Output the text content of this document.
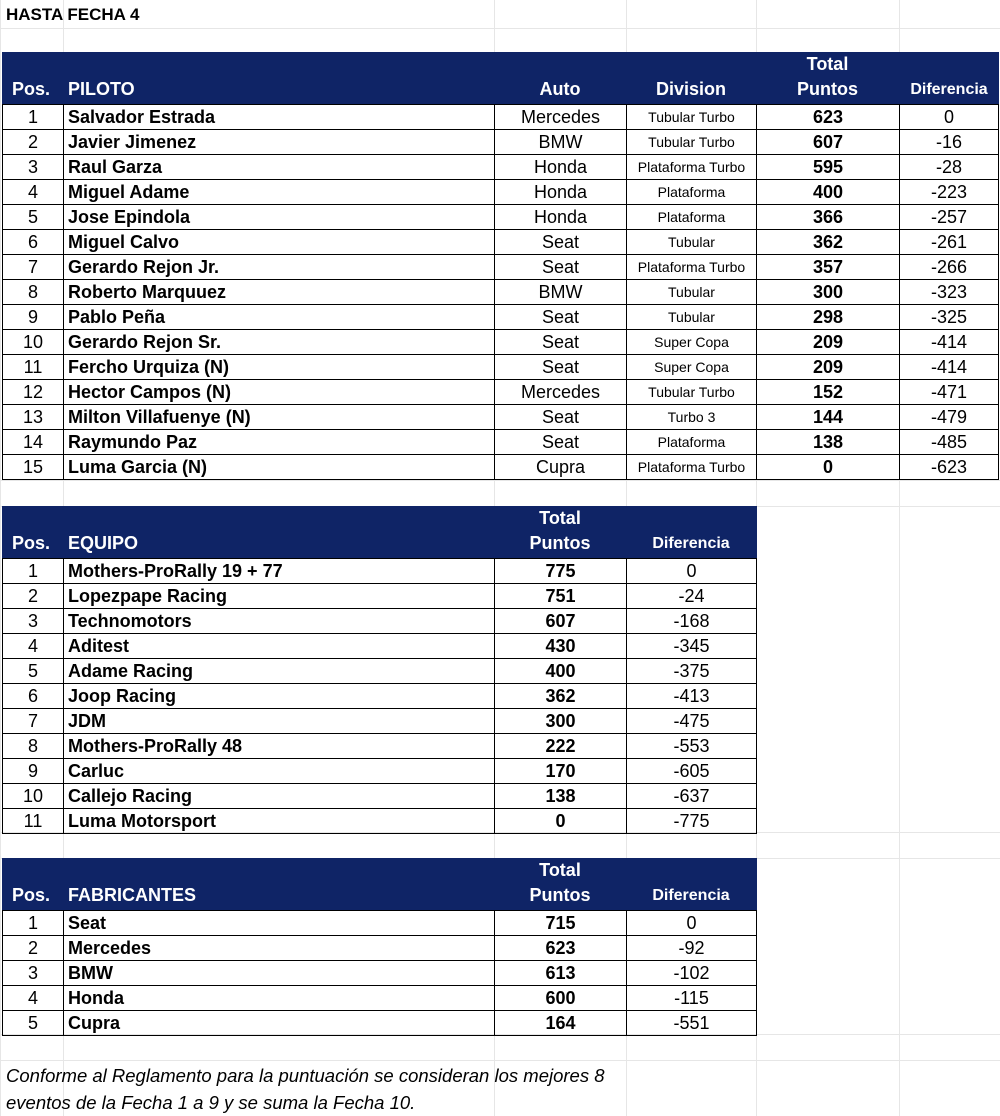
HASTA FECHA 4
Pos. PILOTO	Auto	Division
Total
Puntos	Diferencia
1	Salvador Estrada	Mercedes	Tubular Turbo	623	0
2	Javier Jimenez	BMW	Tubular Turbo	607	-16
3	Raul Garza	Honda	Plataforma Turbo	595	-28
4	Miguel Adame	Honda	Plataforma	400	-223
5	Jose Epindola	Honda	Plataforma	366	-257
6	Miguel Calvo	Seat	Tubular	362	-261
7	Gerardo Rejon Jr.	Seat	Plataforma Turbo	357	-266
8	Roberto Marquuez	BMW	Tubular	300	-323
9	Pablo Peña	Seat	Tubular	298	-325
10	Gerardo Rejon Sr.	Seat	Super Copa	209	-414
11	Fercho Urquiza (N)	Seat	Super Copa	209	-414
12	Hector Campos (N)	Mercedes	Tubular Turbo	152	-471
13	Milton Villafuenye (N)	Seat	Turbo 3	144	-479
14	Raymundo Paz	Seat	Plataforma	138	-485
15	Luma Garcia (N)	Cupra	Plataforma Turbo	0	-623
Pos. EQUIPO
Total
Puntos	Diferencia
1	Mothers-ProRally 19 + 77	775	0
2	Lopezpape Racing	751	-24
3	Technomotors	607	-168
4	Aditest	430	-345
5	Adame Racing	400	-375
6	Joop Racing	362	-413
7	JDM	300	-475
8	Mothers-ProRally 48	222	-553
9	Carluc	170	-605
10	Callejo Racing	138	-637
11	Luma Motorsport	0	-775
Pos. FABRICANTES
Total
Puntos	Diferencia
1	Seat	715	0
2	Mercedes	623	-92
3	BMW	613	-102
4	Honda	600	-115
5	Cupra	164	-551
Conforme al Reglamento para la puntuación se consideran los mejores 8
eventos de la Fecha 1 a 9 y se suma la Fecha 10.
